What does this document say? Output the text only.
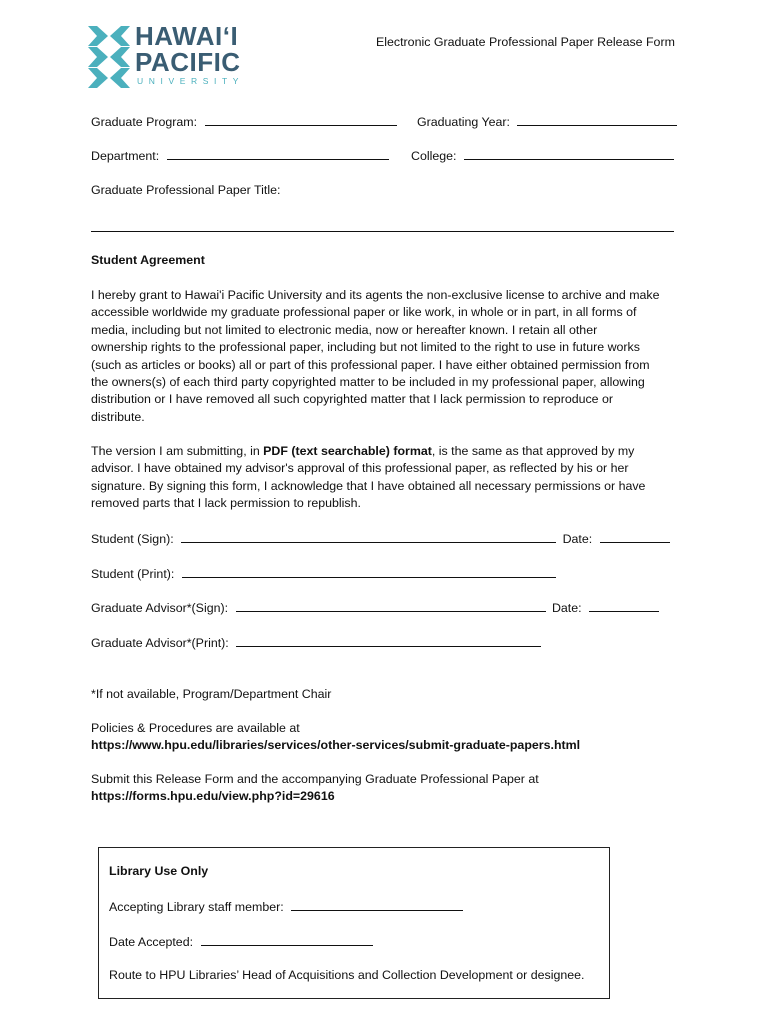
HAWAIʻI
PACIFIC
UNIVERSITY
Electronic Graduate Professional Paper Release Form
Graduate Program:	Graduating Year:
Department:	College:
Graduate Professional Paper Title:
Student Agreement
I hereby grant to Hawai'i Pacific University and its agents the non-exclusive license to archive and make
accessible worldwide my graduate professional paper or like work, in whole or in part, in all forms of
media, including but not limited to electronic media, now or hereafter known. I retain all other
ownership rights to the professional paper, including but not limited to the right to use in future works
(such as articles or books) all or part of this professional paper. I have either obtained permission from
the owners(s) of each third party copyrighted matter to be included in my professional paper, allowing
distribution or I have removed all such copyrighted matter that I lack permission to reproduce or
distribute.
The version I am submitting, in PDF (text searchable) format, is the same as that approved by my
advisor. I have obtained my advisor's approval of this professional paper, as reflected by his or her
signature. By signing this form, I acknowledge that I have obtained all necessary permissions or have
removed parts that I lack permission to republish.
Student (Sign):	Date:
Student (Print):
Graduate Advisor*(Sign):	Date:
Graduate Advisor*(Print):
*If not available, Program/Department Chair
Policies & Procedures are available at
https://www.hpu.edu/libraries/services/other-services/submit-graduate-papers.html
Submit this Release Form and the accompanying Graduate Professional Paper at
https://forms.hpu.edu/view.php?id=29616
Library Use Only
Accepting Library staff member:
Date Accepted:
Route to HPU Libraries’ Head of Acquisitions and Collection Development or designee.
